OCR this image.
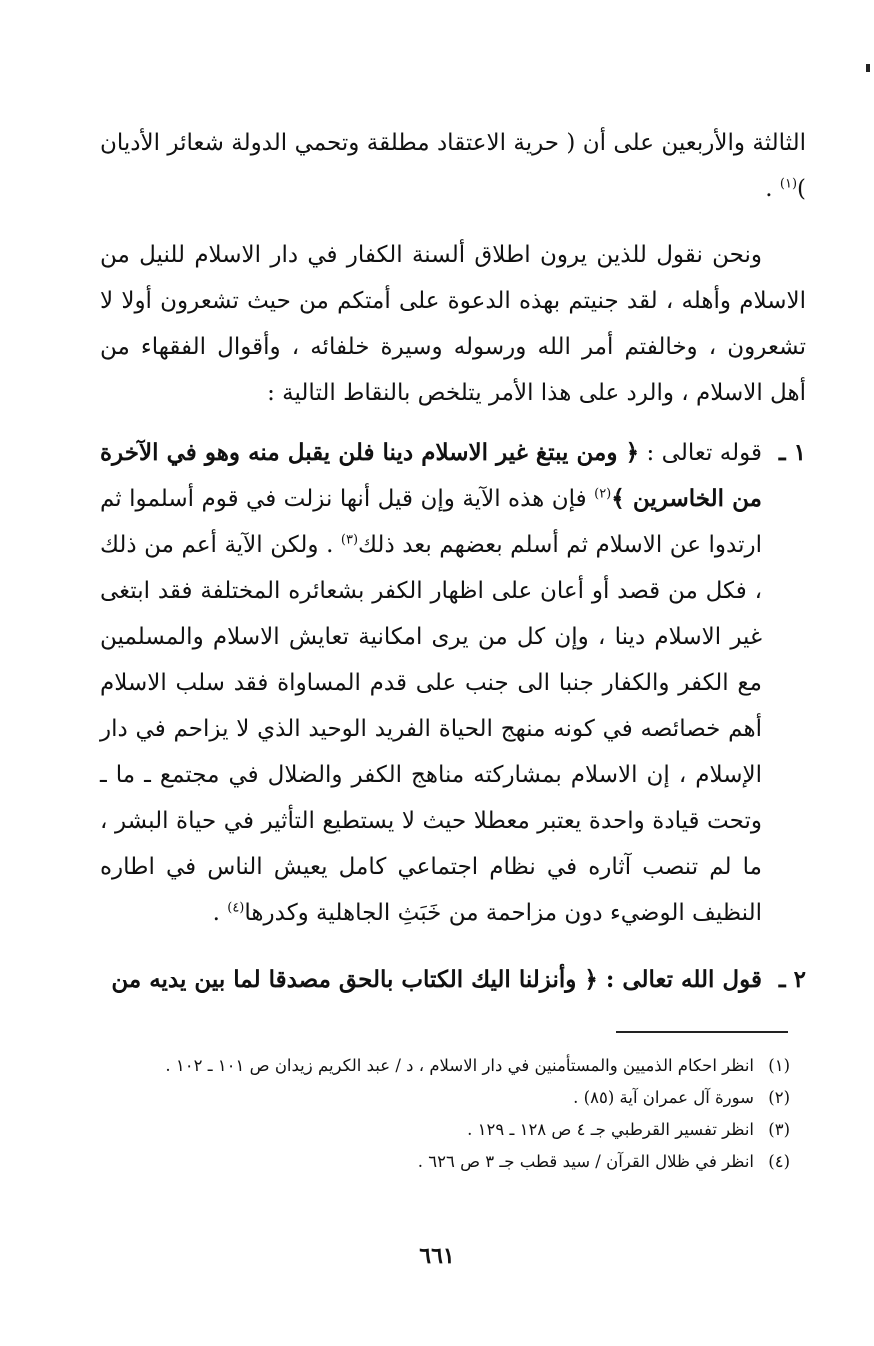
الثالثة والأربعين على أن ( حرية الاعتقاد مطلقة وتحمي الدولة شعائر الأديان )$^{(١)}$ .

ونحن نقول للذين يرون اطلاق ألسنة الكفار في دار الاسلام للنيل من الاسلام وأهله ، لقد جنيتم بهذه الدعوة على أمتكم من حيث تشعرون أولا لا تشعرون ، وخالفتم أمر الله ورسوله وسيرة خلفائه ، وأقوال الفقهاء من أهل الاسلام ، والرد على هذا الأمر يتلخص بالنقاط التالية :

١ ـ

قوله تعالى : ﴿ ومن يبتغ غير الاسلام دينا فلن يقبل منه وهو في الآخرة من الخاسرين ﴾$^{(٢)}$ فإن هذه الآية وإن قيل أنها نزلت في قوم أسلموا ثم ارتدوا عن الاسلام ثم أسلم بعضهم بعد ذلك$^{(٣)}$ . ولكن الآية أعم من ذلك ، فكل من قصد أو أعان على اظهار الكفر بشعائره المختلفة فقد ابتغى غير الاسلام دينا ، وإن كل من يرى امكانية تعايش الاسلام والمسلمين مع الكفر والكفار جنبا الى جنب على قدم المساواة فقد سلب الاسلام أهم خصائصه في كونه منهج الحياة الفريد الوحيد الذي لا يزاحم في دار الإسلام ، إن الاسلام بمشاركته مناهج الكفر والضلال في مجتمع ـ ما ـ وتحت قيادة واحدة يعتبر معطلا حيث لا يستطيع التأثير في حياة البشر ، ما لم تنصب آثاره في نظام اجتماعي كامل يعيش الناس في اطاره النظيف الوضيء دون مزاحمة من خَبَثِ الجاهلية وكدرها$^{(٤)}$ .

٢ ـ

قول الله تعالى : ﴿ وأنزلنا اليك الكتاب بالحق مصدقا لما بين يديه من

(١)
انظر احكام الذميين والمستأمنين في دار الاسلام ، د / عبد الكريم زيدان ص ١٠١ ـ ١٠٢ .
(٢)
سورة آل عمران آية (٨٥) .
(٣)
انظر تفسير القرطبي جـ ٤ ص ١٢٨ ـ ١٢٩ .
(٤)
انظر في ظلال القرآن / سيد قطب جـ ٣ ص ٦٢٦ .
٦٦١
